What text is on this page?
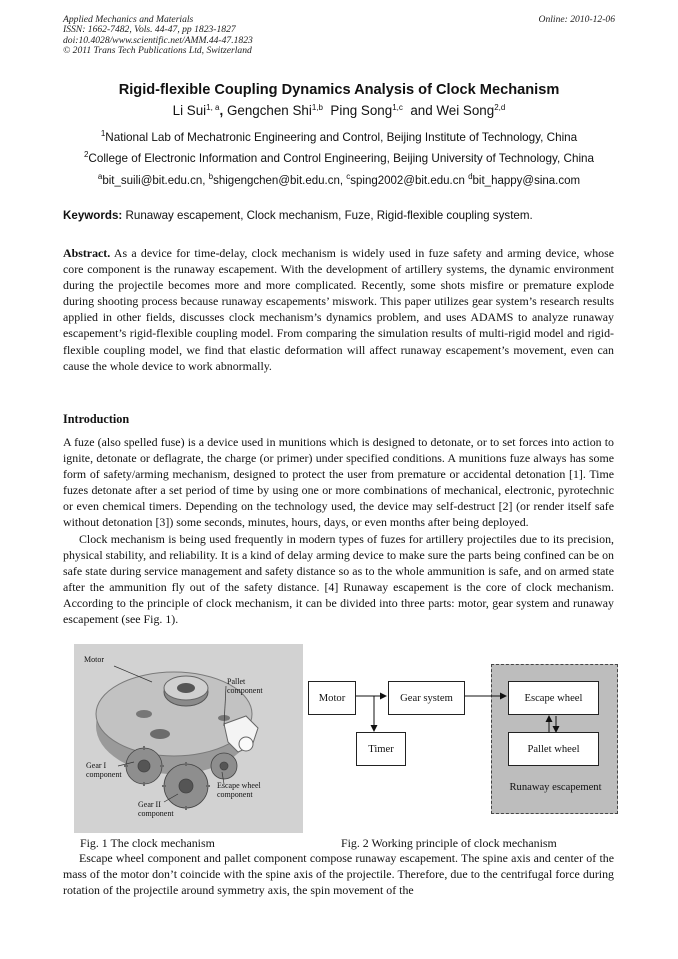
Applied Mechanics and Materials
ISSN: 1662-7482, Vols. 44-47, pp 1823-1827
doi:10.4028/www.scientific.net/AMM.44-47.1823
© 2011 Trans Tech Publications Ltd, Switzerland
Online: 2010-12-06
Rigid-flexible Coupling Dynamics Analysis of Clock Mechanism
Li Sui$^{1, a}$, Gengchen Shi$^{1,b}$ Ping Song$^{1,c}$  and Wei Song$^{2,d}$
$^1$National Lab of Mechatronic Engineering and Control, Beijing Institute of Technology, China
$^2$College of Electronic Information and Control Engineering, Beijing University of Technology, China
$^a$bit_suili@bit.edu.cn, $^b$shigengchen@bit.edu.cn, $^c$sping2002@bit.edu.cn $^d$bit_happy@sina.com
Keywords: Runaway escapement, Clock mechanism, Fuze, Rigid-flexible coupling system.

Abstract. As a device for time-delay, clock mechanism is widely used in fuze safety and arming device, whose core component is the runaway escapement. With the development of artillery systems, the dynamic environment during the projectile becomes more and more complicated. Recently, some shots misfire or premature explode during shooting process because runaway escapements’ miswork. This paper utilizes gear system’s research results applied in other fields, discusses clock mechanism’s dynamics problem, and uses ADAMS to analyze runaway escapement’s rigid-flexible coupling model. From comparing the simulation results of multi-rigid model and rigid-flexible coupling model, we find that elastic deformation will affect runaway escapement’s movement, even can cause the whole device to work abnormally.

Introduction

A fuze (also spelled fuse) is a device used in munitions which is designed to detonate, or to set forces into action to ignite, detonate or deflagrate, the charge (or primer) under specified conditions. A munitions fuze always has some form of safety/arming mechanism, designed to protect the user from premature or accidental detonation [1]. Time fuzes detonate after a set period of time by using one or more combinations of mechanical, electronic, pyrotechnic or even chemical timers. Depending on the technology used, the device may self-destruct [2] (or render itself safe without detonation [3]) some seconds, minutes, hours, days, or even months after being deployed.

Clock mechanism is being used frequently in modern types of fuzes for artillery projectiles due to its precision, physical stability, and reliability. It is a kind of delay arming device to make sure the parts being confined can be on safe state during service management and safety distance so as to the whole ammunition is safe, and on armed state after the ammunition fly out of the safety distance. [4] Runaway escapement is the core of clock mechanism. According to the principle of clock mechanism, it can be divided into three parts: motor, gear system and runaway escapement (see Fig. 1).

Motor
Pallet
component
Gear I
component
Escape wheel
component
Gear II
component
Fig. 1 The clock mechanism
Motor	Gear system	Escape wheel
Timer	Pallet wheel
Runaway escapement
Fig. 2 Working principle of clock mechanism

Escape wheel component and pallet component compose runaway escapement. The spine axis and center of the mass of the motor don’t coincide with the spine axis of the projectile. Therefore, due to the centrifugal force during rotation of the projectile around symmetry axis, the spin movement of the
